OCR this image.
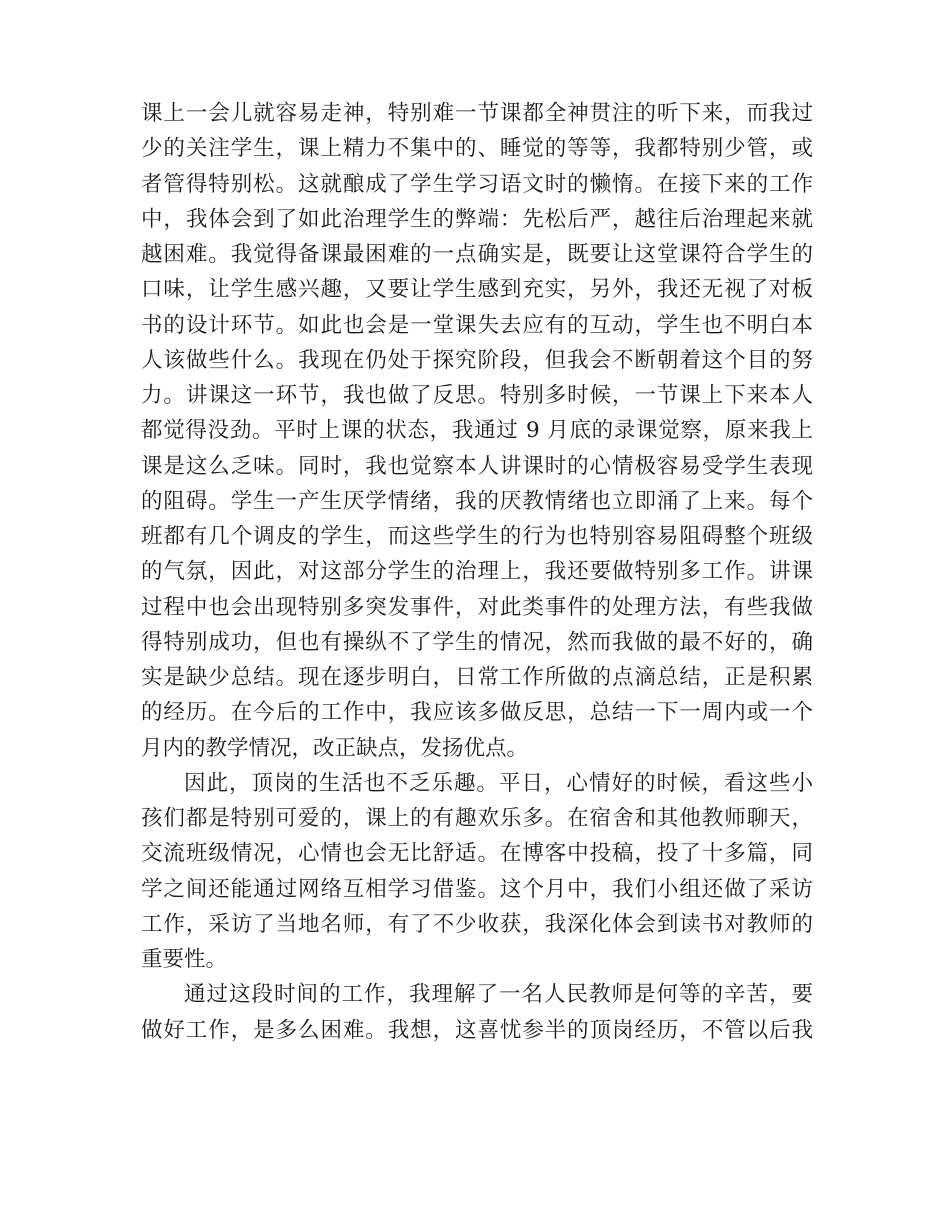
课上一会儿就容易走神，特别难一节课都全神贯注的听下来，而我过
少的关注学生，课上精力不集中的、睡觉的等等，我都特别少管，或
者管得特别松。这就酿成了学生学习语文时的懒惰。在接下来的工作
中，我体会到了如此治理学生的弊端：先松后严，越往后治理起来就
越困难。我觉得备课最困难的一点确实是，既要让这堂课符合学生的
口味，让学生感兴趣，又要让学生感到充实，另外，我还无视了对板
书的设计环节。如此也会是一堂课失去应有的互动，学生也不明白本
人该做些什么。我现在仍处于探究阶段，但我会不断朝着这个目的努
力。讲课这一环节，我也做了反思。特别多时候，一节课上下来本人
都觉得没劲。平时上课的状态，我通过 9 月底的录课觉察，原来我上
课是这么乏味。同时，我也觉察本人讲课时的心情极容易受学生表现
的阻碍。学生一产生厌学情绪，我的厌教情绪也立即涌了上来。每个
班都有几个调皮的学生，而这些学生的行为也特别容易阻碍整个班级
的气氛，因此，对这部分学生的治理上，我还要做特别多工作。讲课
过程中也会出现特别多突发事件，对此类事件的处理方法，有些我做
得特别成功，但也有操纵不了学生的情况，然而我做的最不好的，确
实是缺少总结。现在逐步明白，日常工作所做的点滴总结，正是积累
的经历。在今后的工作中，我应该多做反思，总结一下一周内或一个
月内的教学情况，改正缺点，发扬优点。
因此，顶岗的生活也不乏乐趣。平日，心情好的时候，看这些小
孩们都是特别可爱的，课上的有趣欢乐多。在宿舍和其他教师聊天，
交流班级情况，心情也会无比舒适。在博客中投稿，投了十多篇，同
学之间还能通过网络互相学习借鉴。这个月中，我们小组还做了采访
工作，采访了当地名师，有了不少收获，我深化体会到读书对教师的
重要性。
通过这段时间的工作，我理解了一名人民教师是何等的辛苦，要
做好工作，是多么困难。我想，这喜忧参半的顶岗经历，不管以后我
